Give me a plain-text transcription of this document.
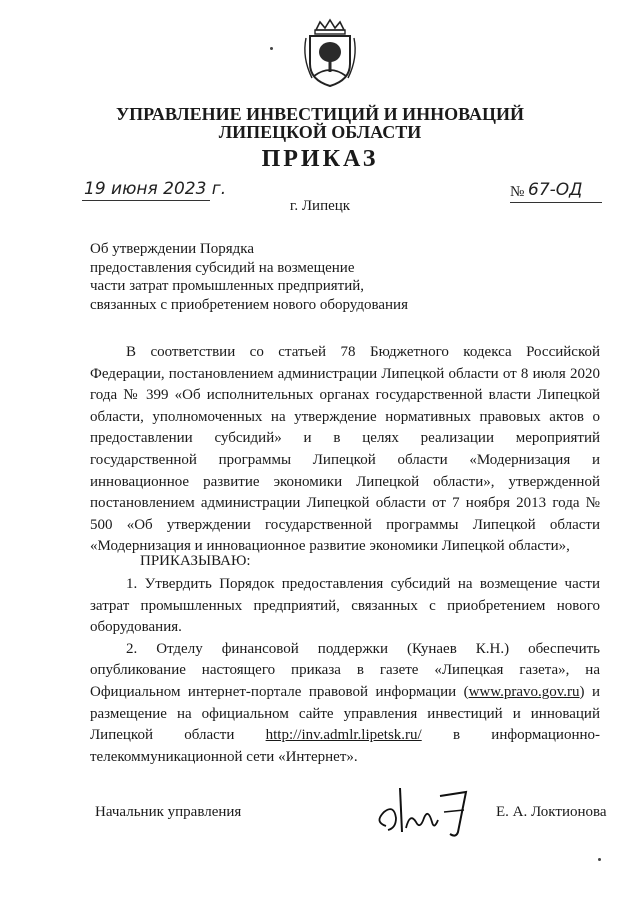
УПРАВЛЕНИЕ ИНВЕСТИЦИЙ И ИННОВАЦИЙ
ЛИПЕЦКОЙ ОБЛАСТИ
ПРИКАЗ
19 июня 2023 г.	№ 67-ОД
г. Липецк
Об утверждении Порядка
предоставления субсидий на возмещение
части затрат промышленных предприятий,
связанных с приобретением нового оборудования

В соответствии со статьей 78 Бюджетного кодекса Российской Федерации, постановлением администрации Липецкой области от 8 июля 2020 года № 399 «Об исполнительных органах государственной власти Липецкой области, уполномоченных на утверждение нормативных правовых актов о предоставлении субсидий» и в целях реализации мероприятий государственной программы Липецкой области «Модернизация и инновационное развитие экономики Липецкой области», утвержденной постановлением администрации Липецкой области от 7 ноября 2013 года № 500 «Об утверждении государственной программы Липецкой области «Модернизация и инновационное развитие экономики Липецкой области»,

ПРИКАЗЫВАЮ:

1. Утвердить Порядок предоставления субсидий на возмещение части затрат промышленных предприятий, связанных с приобретением нового оборудования.

2. Отделу финансовой поддержки (Кунаев К.Н.) обеспечить опубликование настоящего приказа в газете «Липецкая газета», на Официальном интернет-портале правовой информации (www.pravo.gov.ru) и размещение на официальном сайте управления инвестиций и инноваций Липецкой области http://inv.admlr.lipetsk.ru/ в информационно-телекоммуникационной сети «Интернет».

Начальник управления	Е. А. Локтионова
